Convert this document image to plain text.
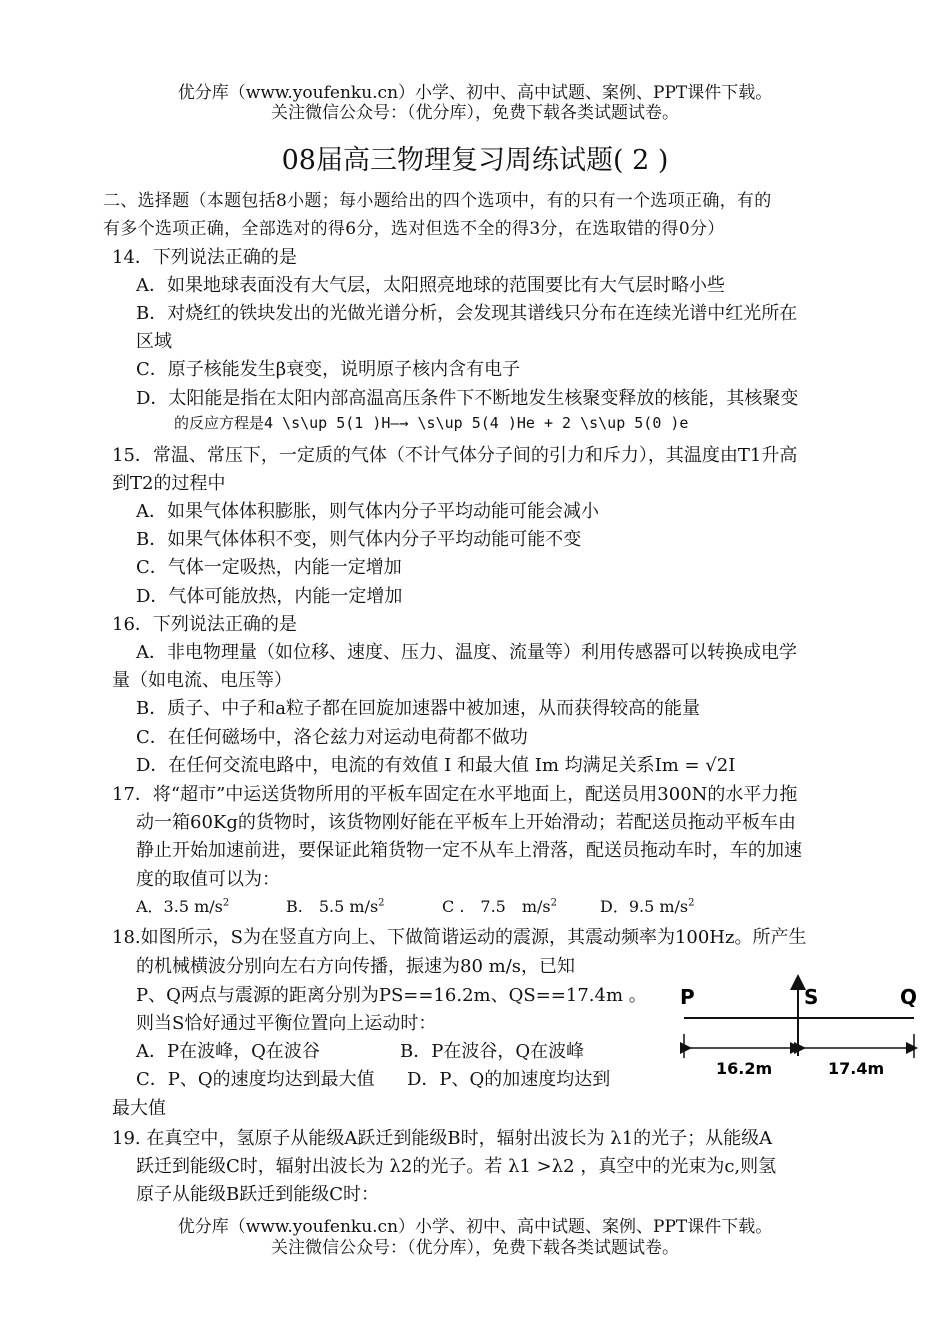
优分库（www.youfenku.cn）小学、初中、高中试题、案例、PPT课件下载。
关注微信公众号：（优分库），免费下载各类试题试卷。
08届高三物理复习周练试题( 2 )
二、选择题（本题包括8小题；每小题给出的四个选项中，有的只有一个选项正确，有的
有多个选项正确，全部选对的得6分，选对但选不全的得3分，在选取错的得0分）
14．下列说法正确的是
A．如果地球表面没有大气层，太阳照亮地球的范围要比有大气层时略小些
B．对烧红的铁块发出的光做光谱分析，会发现其谱线只分布在连续光谱中红光所在
区域
C．原子核能发生β衰变，说明原子核内含有电子
D．太阳能是指在太阳内部高温高压条件下不断地发生核聚变释放的核能，其核聚变
的反应方程是4 \s\up 5(1 )H—→ \s\up 5(4 )He + 2 \s\up 5(0 )e
15．常温、常压下，一定质的气体（不计气体分子间的引力和斥力），其温度由T1升高
到T2的过程中
A．如果气体体积膨胀，则气体内分子平均动能可能会减小
B．如果气体体积不变，则气体内分子平均动能可能不变
C．气体一定吸热，内能一定增加
D．气体可能放热，内能一定增加
16．下列说法正确的是
A．非电物理量（如位移、速度、压力、温度、流量等）利用传感器可以转换成电学
量（如电流、电压等）
B．质子、中子和a粒子都在回旋加速器中被加速，从而获得较高的能量
C．在任何磁场中，洛仑兹力对运动电荷都不做功
D．在任何交流电路中，电流的有效值 I 和最大值 Im 均满足关系Im = √2I
17．将“超市”中运送货物所用的平板车固定在水平地面上，配送员用300N的水平力拖
动一箱60Kg的货物时，该货物刚好能在平板车上开始滑动；若配送员拖动平板车由
静止开始加速前进，要保证此箱货物一定不从车上滑落，配送员拖动车时，车的加速
度的取值可以为：
A．3.5 $m/s^2$	B.　5.5 $m/s^2$	C .　7.5　$m/s^2$	D．9.5 $m/s^2$
18.如图所示，S为在竖直方向上、下做简谐运动的震源，其震动频率为100Hz。所产生
的机械横波分别向左右方向传播，振速为80 m/s，已知
P、Q两点与震源的距离分别为PS==16.2m、QS==17.4m 。
则当S恰好通过平衡位置向上运动时：
A．P在波峰，Q在波谷	B．P在波谷，Q在波峰
C．P、Q的速度均达到最大值 D．P、Q的加速度均达到
最大值
P	S	Q
16.2m	17.4m
19. 在真空中，氢原子从能级A跃迁到能级B时，辐射出波长为 λ1的光子；从能级A
跃迁到能级C时，辐射出波长为 λ2的光子。若 λ1 >λ2 ，真空中的光束为c,则氢
原子从能级B跃迁到能级C时：
优分库（www.youfenku.cn）小学、初中、高中试题、案例、PPT课件下载。
关注微信公众号：（优分库），免费下载各类试题试卷。
